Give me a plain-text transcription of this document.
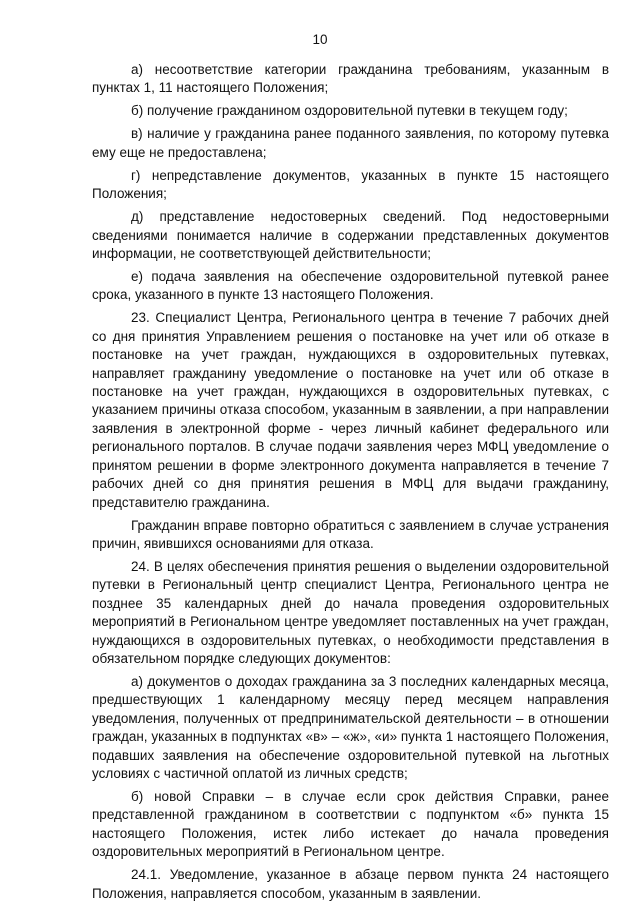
10

а) несоответствие категории гражданина требованиям, указанным в пунктах 1, 11 настоящего Положения;

б) получение гражданином оздоровительной путевки в текущем году;

в) наличие у гражданина ранее поданного заявления, по которому путевка ему еще не предоставлена;

г) непредставление документов, указанных в пункте 15 настоящего Положения;

д) представление недостоверных сведений. Под недостоверными сведениями понимается наличие в содержании представленных документов информации, не соответствующей действительности;

е) подача заявления на обеспечение оздоровительной путевкой ранее срока, указанного в пункте 13 настоящего Положения.

23. Специалист Центра, Регионального центра в течение 7 рабочих дней со дня принятия Управлением решения о постановке на учет или об отказе в постановке на учет граждан, нуждающихся в оздоровительных путевках, направляет гражданину уведомление о постановке на учет или об отказе в постановке на учет граждан, нуждающихся в оздоровительных путевках, с указанием причины отказа способом, указанным в заявлении, а при направлении заявления в электронной форме - через личный кабинет федерального или регионального порталов. В случае подачи заявления через МФЦ уведомление о принятом решении в форме электронного документа направляется в течение 7 рабочих дней со дня принятия решения в МФЦ для выдачи гражданину, представителю гражданина.

Гражданин вправе повторно обратиться с заявлением в случае устранения причин, явившихся основаниями для отказа.

24. В целях обеспечения принятия решения о выделении оздоровительной путевки в Региональный центр специалист Центра, Регионального центра не позднее 35 календарных дней до начала проведения оздоровительных мероприятий в Региональном центре уведомляет поставленных на учет граждан, нуждающихся в оздоровительных путевках, о необходимости представления в обязательном порядке следующих документов:

а) документов о доходах гражданина за 3 последних календарных месяца, предшествующих 1 календарному месяцу перед месяцем направления уведомления, полученных от предпринимательской деятельности – в отношении граждан, указанных в подпунктах «в» – «ж», «и» пункта 1 настоящего Положения, подавших заявления на обеспечение оздоровительной путевкой на льготных условиях с частичной оплатой из личных средств;

б) новой Справки – в случае если срок действия Справки, ранее представленной гражданином в соответствии с подпунктом «б» пункта 15 настоящего Положения, истек либо истекает до начала проведения оздоровительных мероприятий в Региональном центре.

24.1. Уведомление, указанное в абзаце первом пункта 24 настоящего Положения, направляется способом, указанным в заявлении.
